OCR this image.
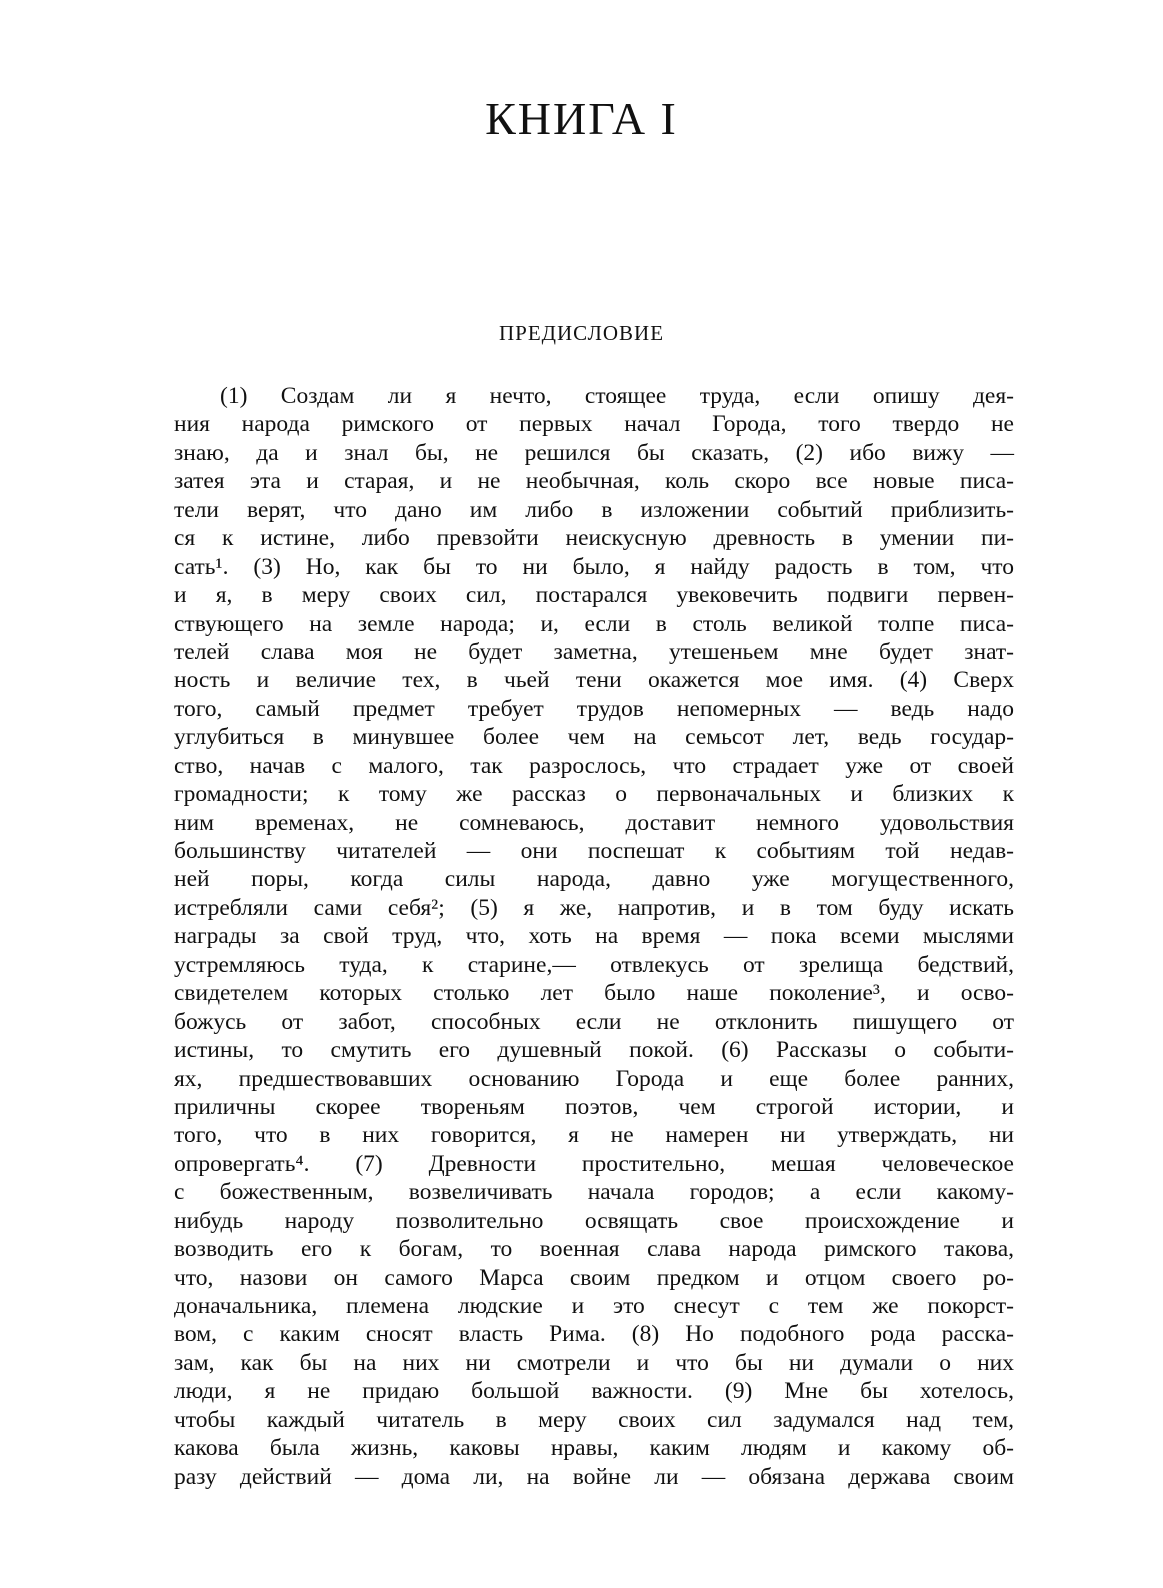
КНИГА I
ПРЕДИСЛОВИЕ
(1) Создам ли я нечто, стоящее труда, если опишу дея-
ния народа римского от первых начал Города, того твердо не
знаю, да и знал бы, не решился бы сказать, (2) ибо вижу —
затея эта и старая, и не необычная, коль скоро все новые писа-
тели верят, что дано им либо в изложении событий приблизить-
ся к истине, либо превзойти неискусную древность в умении пи-
сать¹. (3) Но, как бы то ни было, я найду радость в том, что
и я, в меру своих сил, постарался увековечить подвиги первен-
ствующего на земле народа; и, если в столь великой толпе писа-
телей слава моя не будет заметна, утешеньем мне будет знат-
ность и величие тех, в чьей тени окажется мое имя. (4) Сверх
того, самый предмет требует трудов непомерных — ведь надо
углубиться в минувшее более чем на семьсот лет, ведь государ-
ство, начав с малого, так разрослось, что страдает уже от своей
громадности; к тому же рассказ о первоначальных и близких к
ним временах, не сомневаюсь, доставит немного удовольствия
большинству читателей — они поспешат к событиям той недав-
ней поры, когда силы народа, давно уже могущественного,
истребляли сами себя²; (5) я же, напротив, и в том буду искать
награды за свой труд, что, хоть на время — пока всеми мыслями
устремляюсь туда, к старине,— отвлекусь от зрелища бедствий,
свидетелем которых столько лет было наше поколение³, и осво-
божусь от забот, способных если не отклонить пишущего от
истины, то смутить его душевный покой. (6) Рассказы о событи-
ях, предшествовавших основанию Города и еще более ранних,
приличны скорее твореньям поэтов, чем строгой истории, и
того, что в них говорится, я не намерен ни утверждать, ни
опровергать⁴. (7) Древности простительно, мешая человеческое
с божественным, возвеличивать начала городов; а если какому-
нибудь народу позволительно освящать свое происхождение и
возводить его к богам, то военная слава народа римского такова,
что, назови он самого Марса своим предком и отцом своего ро-
доначальника, племена людские и это снесут с тем же покорст-
вом, с каким сносят власть Рима. (8) Но подобного рода расска-
зам, как бы на них ни смотрели и что бы ни думали о них
люди, я не придаю большой важности. (9) Мне бы хотелось,
чтобы каждый читатель в меру своих сил задумался над тем,
какова была жизнь, каковы нравы, каким людям и какому об-
разу действий — дома ли, на войне ли — обязана держава своим
